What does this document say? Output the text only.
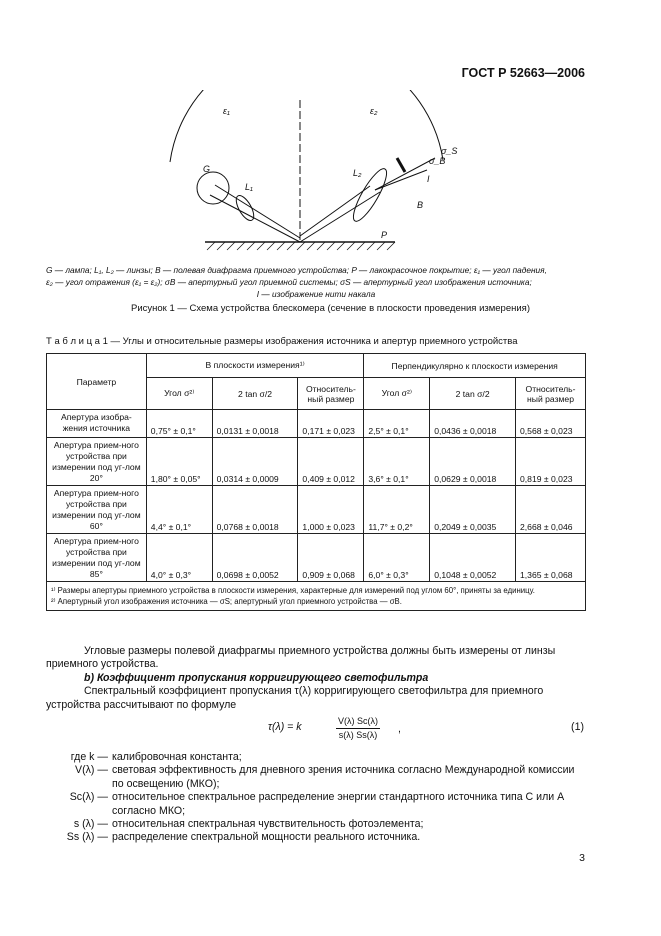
ГОСТ Р 52663—2006
ε₁	ε₂
G
L₁
L₂
B
P
σ_S
σ_B
I
G — лампа; L₁, L₂ — линзы; B — полевая диафрагма приемного устройства; P — лакокрасочное покрытие; ε₁ — угол падения,
ε₂ — угол отражения (ε₁ = ε₂); σB — апертурный угол приемной системы; σS — апертурный угол изображения источника;
I — изображение нити накала
Рисунок 1 — Схема устройства блескомера (сечение в плоскости проведения измерения)
Т а б л и ц а 1 — Углы и относительные размеры изображения источника и апертур приемного устройства
Параметр	В плоскости измерения¹⁾			Перпендикулярно к плоскости измерения		
	Угол σ²⁾	2 tan σ/2	Относитель-ный размер	Угол σ²⁾	2 tan σ/2	Относитель-ный размер
Апертура изобра-жения источника	0,75° ± 0,1°	0,0131 ± 0,0018	0,171 ± 0,023	2,5° ± 0,1°	0,0436 ± 0,0018	0,568 ± 0,023
Апертура прием-ного устройства при измерении под уг-лом 20°	1,80° ± 0,05°	0,0314 ± 0,0009	0,409 ± 0,012	3,6° ± 0,1°	0,0629 ± 0,0018	0,819 ± 0,023
Апертура прием-ного устройства при измерении под уг-лом 60°	4,4° ± 0,1°	0,0768 ± 0,0018	1,000 ± 0,023	11,7° ± 0,2°	0,2049 ± 0,0035	2,668 ± 0,046
Апертура прием-ного устройства при измерении под уг-лом 85°	4,0° ± 0,3°	0,0698 ± 0,0052	0,909 ± 0,068	6,0° ± 0,3°	0,1048 ± 0,0052	1,365 ± 0,068

¹⁾ Размеры апертуры приемного устройства в плоскости измерения, характерные для измерений под углом 60°, приняты за единицу.
²⁾ Апертурный угол изображения источника — σS; апертурный угол приемного устройства — σB.						

Угловые размеры полевой диафрагмы приемного устройства должны быть измерены от линзы приемного устройства.

b) Коэффициент пропускания корригирующего светофильтра

Спектральный коэффициент пропускания τ(λ) корригирующего светофильтра для приемного устройства рассчитывают по формуле

τ(λ) = k	$\frac{V(\lambda) Sc(\lambda)}{s(\lambda) Ss(\lambda)}$ ,	(1)
где k — калибровочная константа;
V(λ) — световая эффективность для дневного зрения источника согласно Международной комиссии по освещению (МКО);
Sc(λ) — относительное спектральное распределение энергии стандартного источника типа С или А согласно МКО;
s (λ) — относительная спектральная чувствительность фотоэлемента;
Ss (λ) — распределение спектральной мощности реального источника.
3
